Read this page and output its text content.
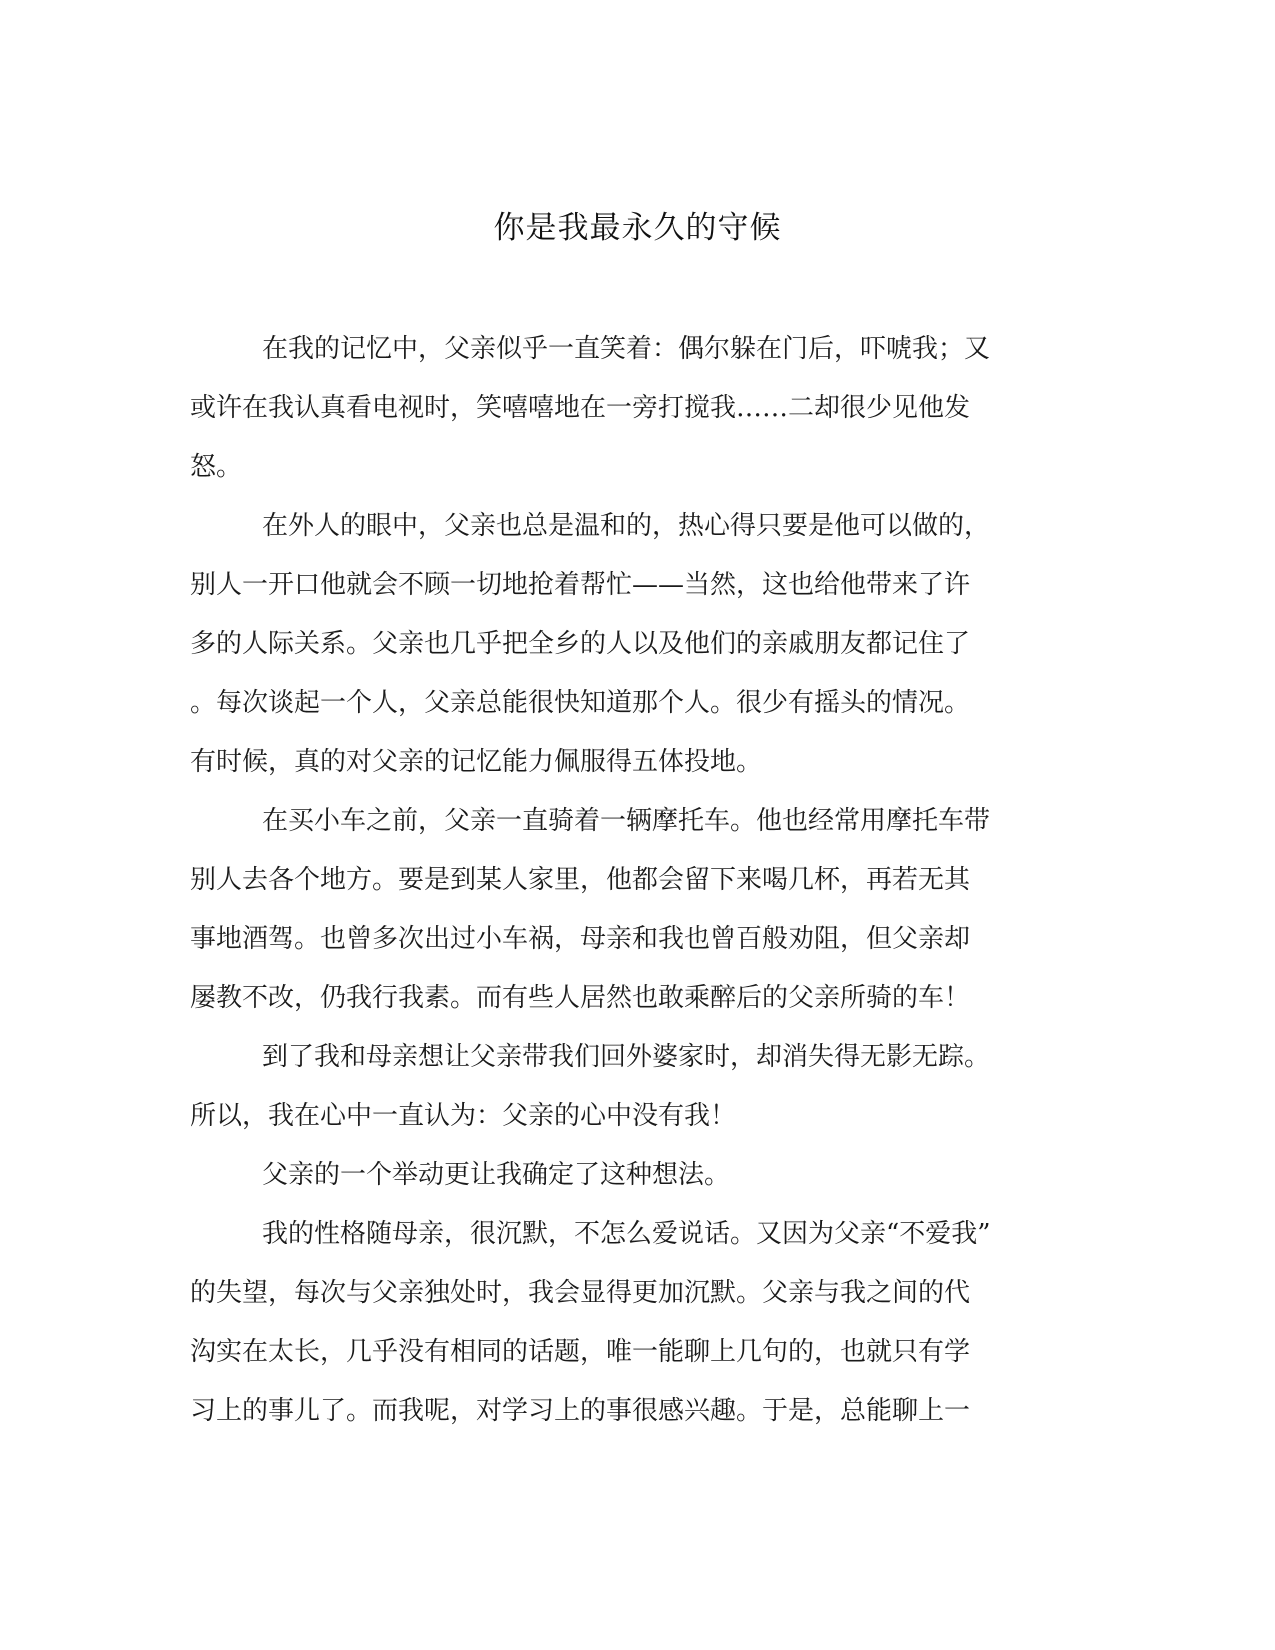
你是我最永久的守候
在我的记忆中，父亲似乎一直笑着：偶尔躲在门后，吓唬我；又
或许在我认真看电视时，笑嘻嘻地在一旁打搅我……二却很少见他发
怒。
在外人的眼中，父亲也总是温和的，热心得只要是他可以做的，
别人一开口他就会不顾一切地抢着帮忙——当然，这也给他带来了许
多的人际关系。父亲也几乎把全乡的人以及他们的亲戚朋友都记住了
。每次谈起一个人，父亲总能很快知道那个人。很少有摇头的情况。
有时候，真的对父亲的记忆能力佩服得五体投地。
在买小车之前，父亲一直骑着一辆摩托车。他也经常用摩托车带
别人去各个地方。要是到某人家里，他都会留下来喝几杯，再若无其
事地酒驾。也曾多次出过小车祸，母亲和我也曾百般劝阻，但父亲却
屡教不改，仍我行我素。而有些人居然也敢乘醉后的父亲所骑的车！
到了我和母亲想让父亲带我们回外婆家时，却消失得无影无踪。
所以，我在心中一直认为：父亲的心中没有我！
父亲的一个举动更让我确定了这种想法。
我的性格随母亲，很沉默，不怎么爱说话。又因为父亲“不爱我”
的失望，每次与父亲独处时，我会显得更加沉默。父亲与我之间的代
沟实在太长，几乎没有相同的话题，唯一能聊上几句的，也就只有学
习上的事儿了。而我呢，对学习上的事很感兴趣。于是，总能聊上一
